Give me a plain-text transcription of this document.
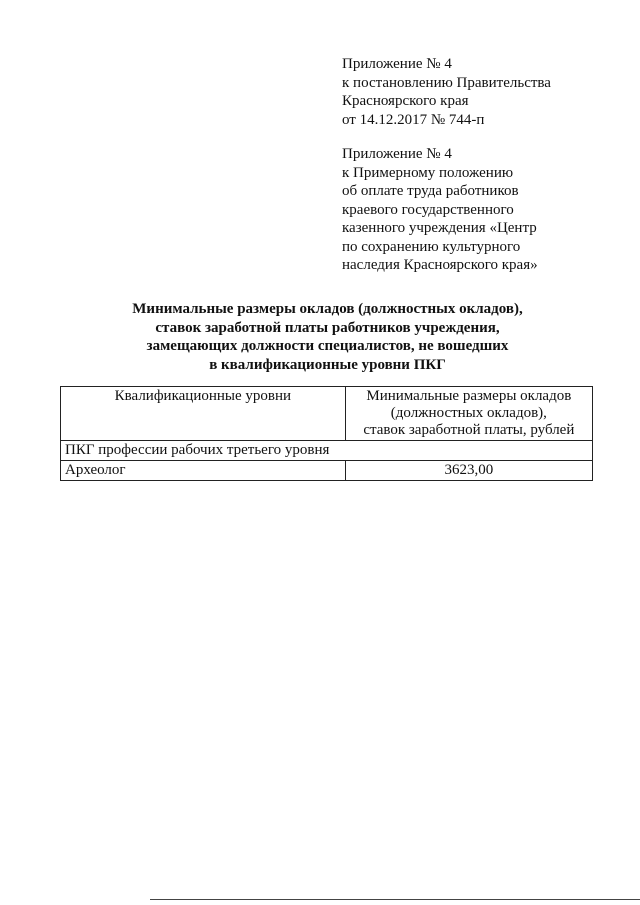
Приложение № 4
к постановлению Правительства
Красноярского края
от 14.12.2017 № 744-п
Приложение № 4
к Примерному положению
об оплате труда работников
краевого государственного
казенного учреждения «Центр
по сохранению культурного
наследия Красноярского края»
Минимальные размеры окладов (должностных окладов),
ставок заработной платы работников учреждения,
замещающих должности специалистов, не вошедших
в квалификационные уровни ПКГ
Квалификационные уровни	Минимальные размеры окладов
(должностных окладов),
ставок заработной платы, рублей

ПКГ профессии рабочих третьего уровня	
Археолог	3623,00
